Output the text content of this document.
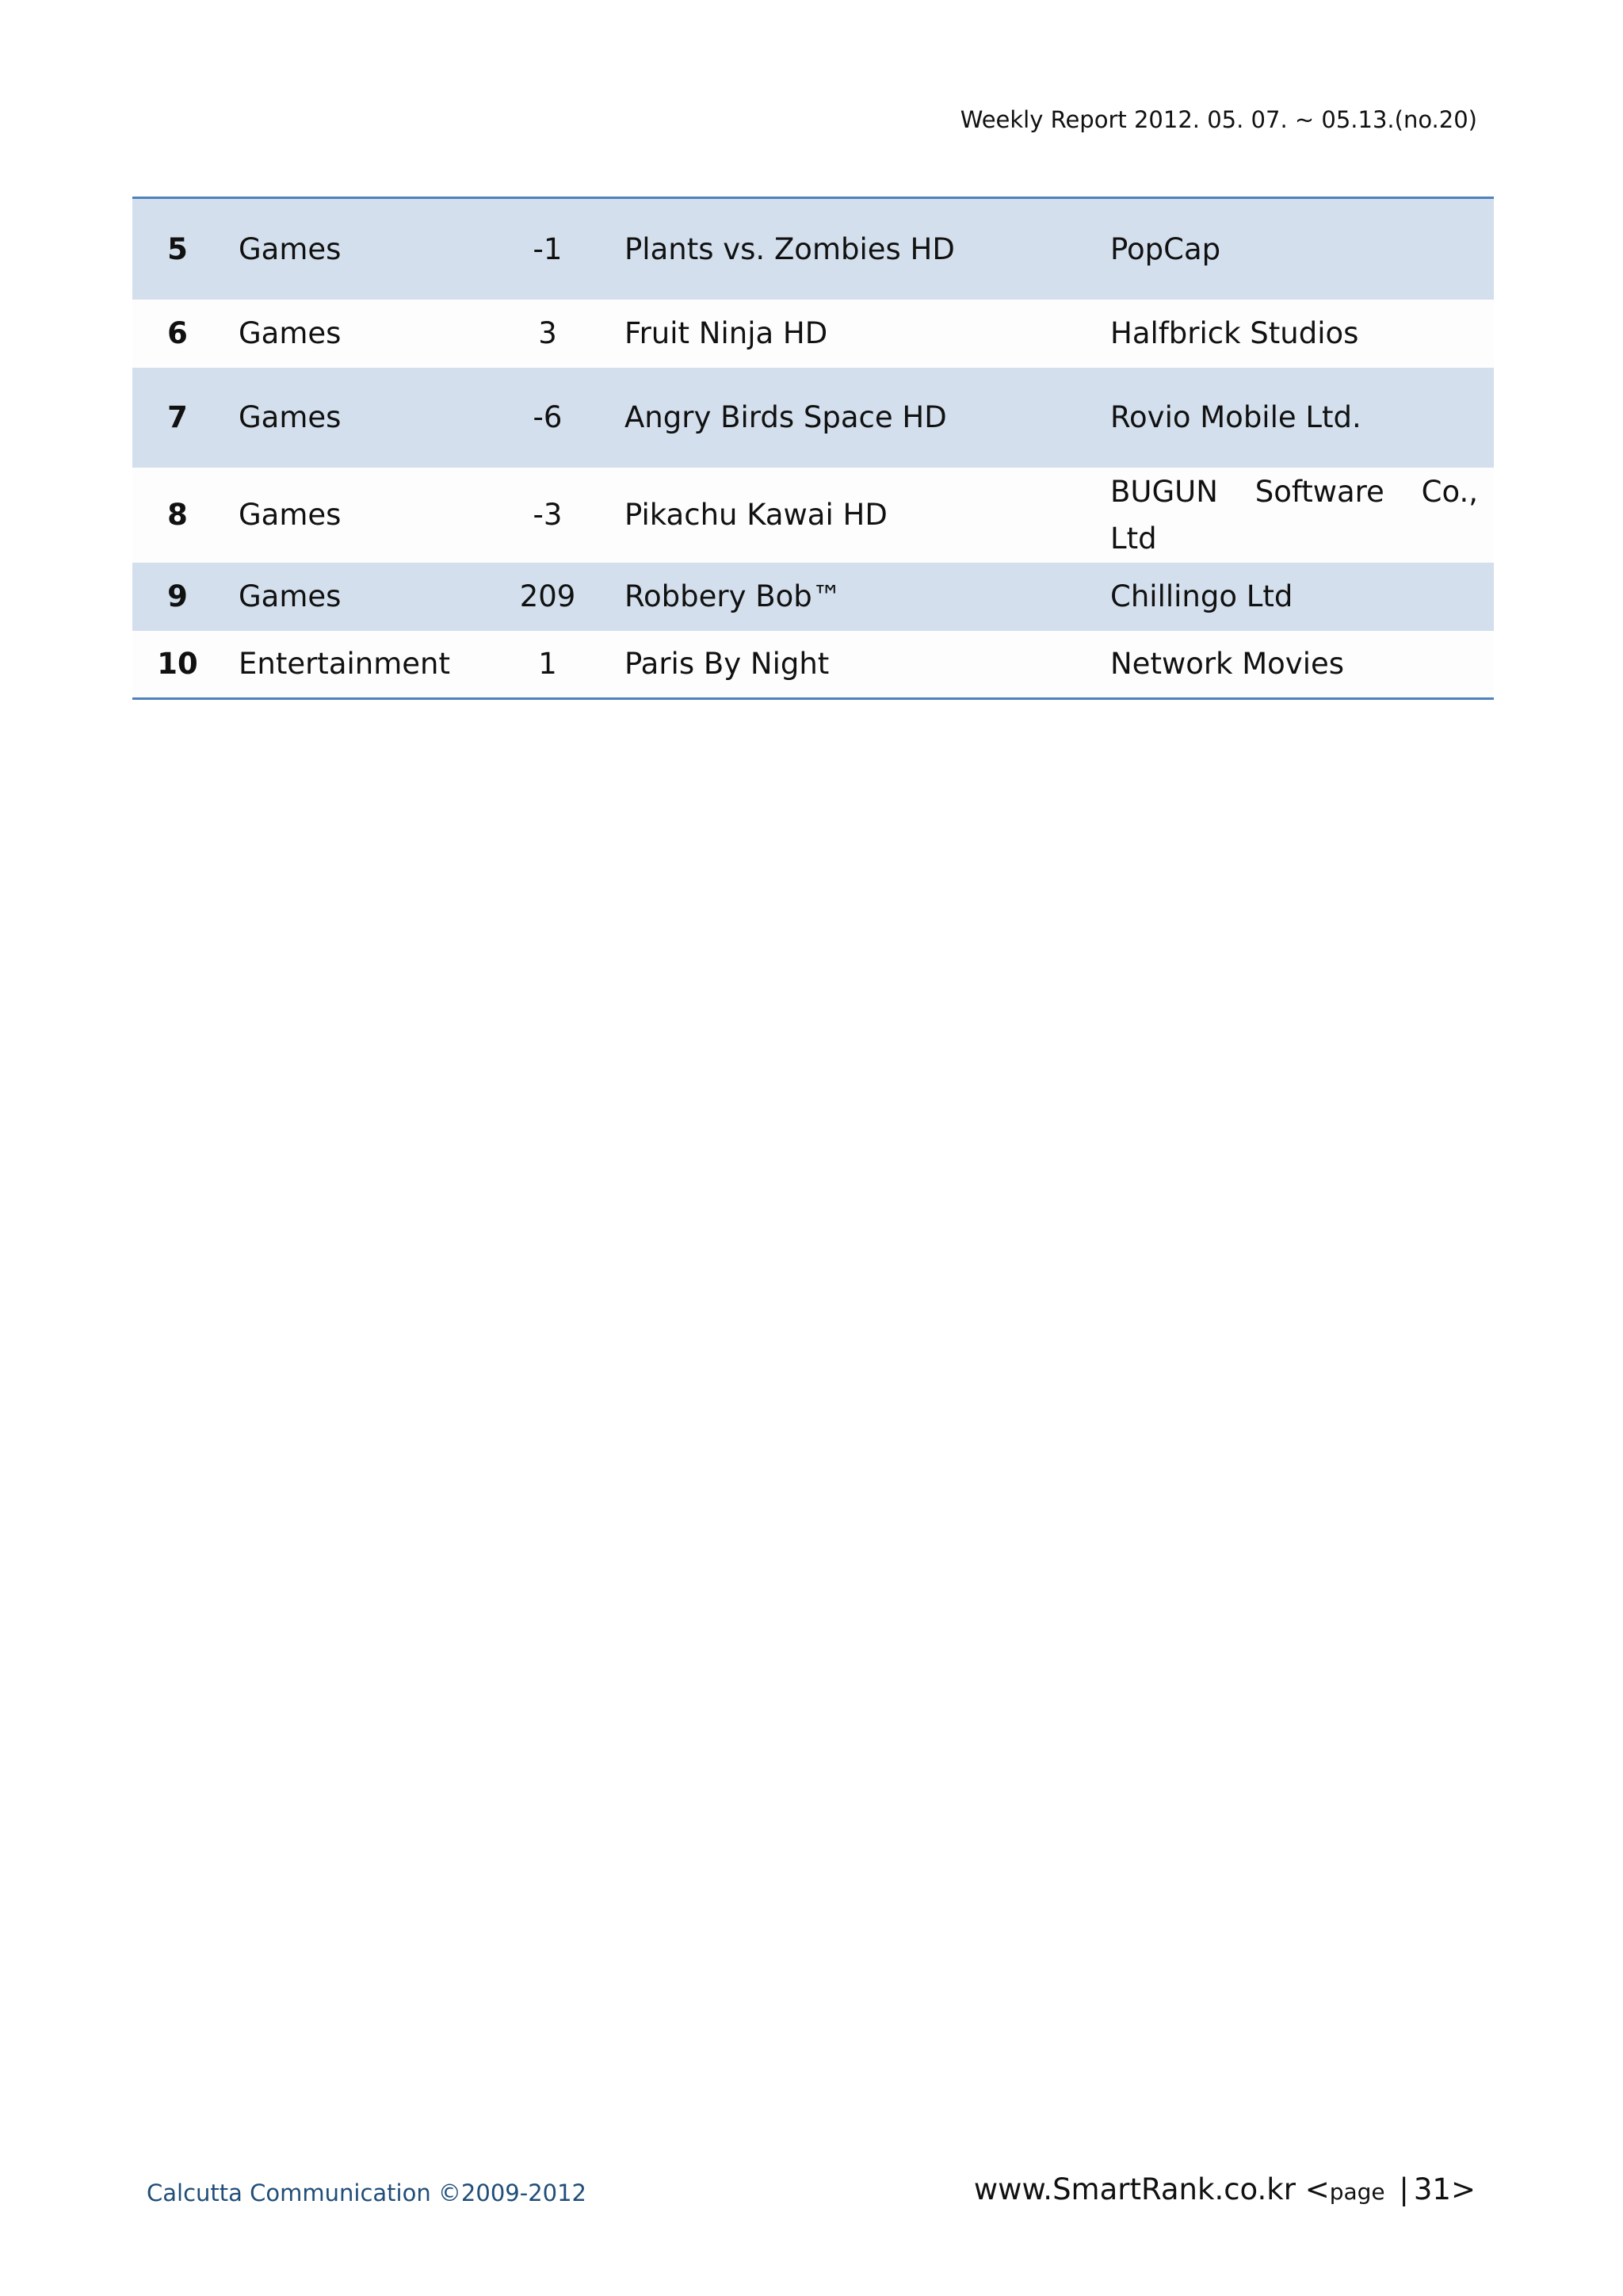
Weekly Report 2012. 05. 07. ~ 05.13.(no.20)
5	Games	-1	Plants vs. Zombies HD	PopCap
6	Games	3	Fruit Ninja HD	Halfbrick Studios
7	Games	-6	Angry Birds Space HD	Rovio Mobile Ltd.
8	Games	-3	Pikachu Kawai HD	BUGUN Software Co., Ltd
9	Games	209	Robbery Bob™	Chillingo Ltd
10	Entertainment	1	Paris By Night	Network Movies
Calcutta Communication ©2009-2012	www.SmartRank.co.kr <page | 31>
